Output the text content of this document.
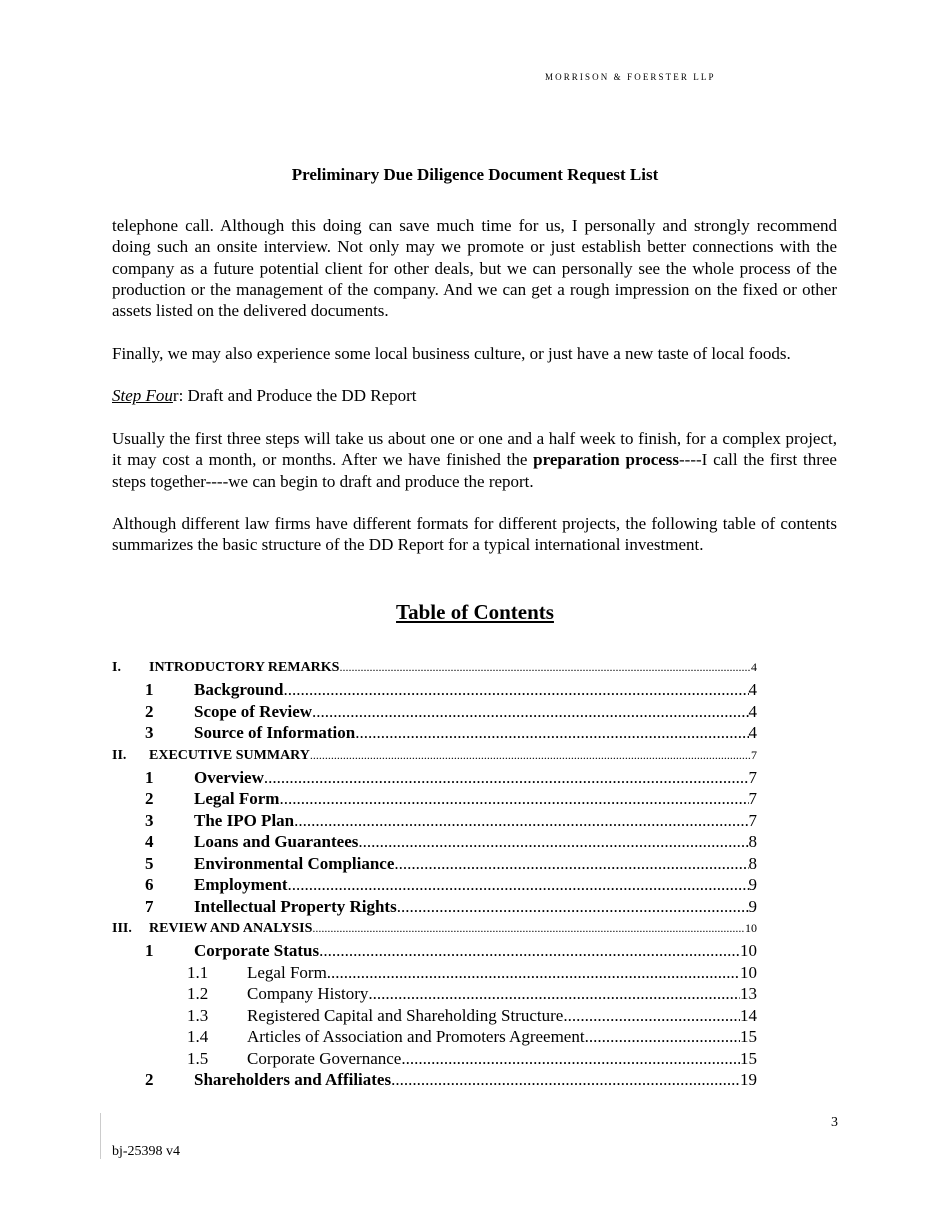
MORRISON & FOERSTER LLP
Preliminary Due Diligence Document Request List

telephone call. Although this doing can save much time for us, I personally and strongly recommend doing such an onsite interview. Not only may we promote or just establish better connections with the company as a future potential client for other deals, but we can personally see the whole process of the production or the management of the company. And we can get a rough impression on the fixed or other assets listed on the delivered documents.

Finally, we may also experience some local business culture, or just have a new taste of local foods.

Step Four: Draft and Produce the DD Report

Usually the first three steps will take us about one or one and a half week to finish, for a complex project, it may cost a month, or months. After we have finished the preparation process----I call the first three steps together----we can begin to draft and produce the report.

Although different law firms have different formats for different projects, the following table of contents summarizes the basic structure of the DD Report for a typical international investment.

Table of Contents
I.	INTRODUCTORY REMARKS .....	4
1	Background .....	4
2	Scope of Review .....	4
3	Source of Information .....	4
II.	EXECUTIVE SUMMARY .....	7
1	Overview .....	7
2	Legal Form .....	7
3	The IPO Plan .....	7
4	Loans and Guarantees .....	8
5	Environmental Compliance .....	8
6	Employment .....	9
7	Intellectual Property Rights .....	9
III.	REVIEW AND ANALYSIS .....	10
1	Corporate Status .....	10
1.1	Legal Form .....	10
1.2	Company History .....	13
1.3	Registered Capital and Shareholding Structure .....	14
1.4	Articles of Association and Promoters Agreement .....	15
1.5	Corporate Governance .....	15
2	Shareholders and Affiliates .....	19
3
bj-25398 v4
